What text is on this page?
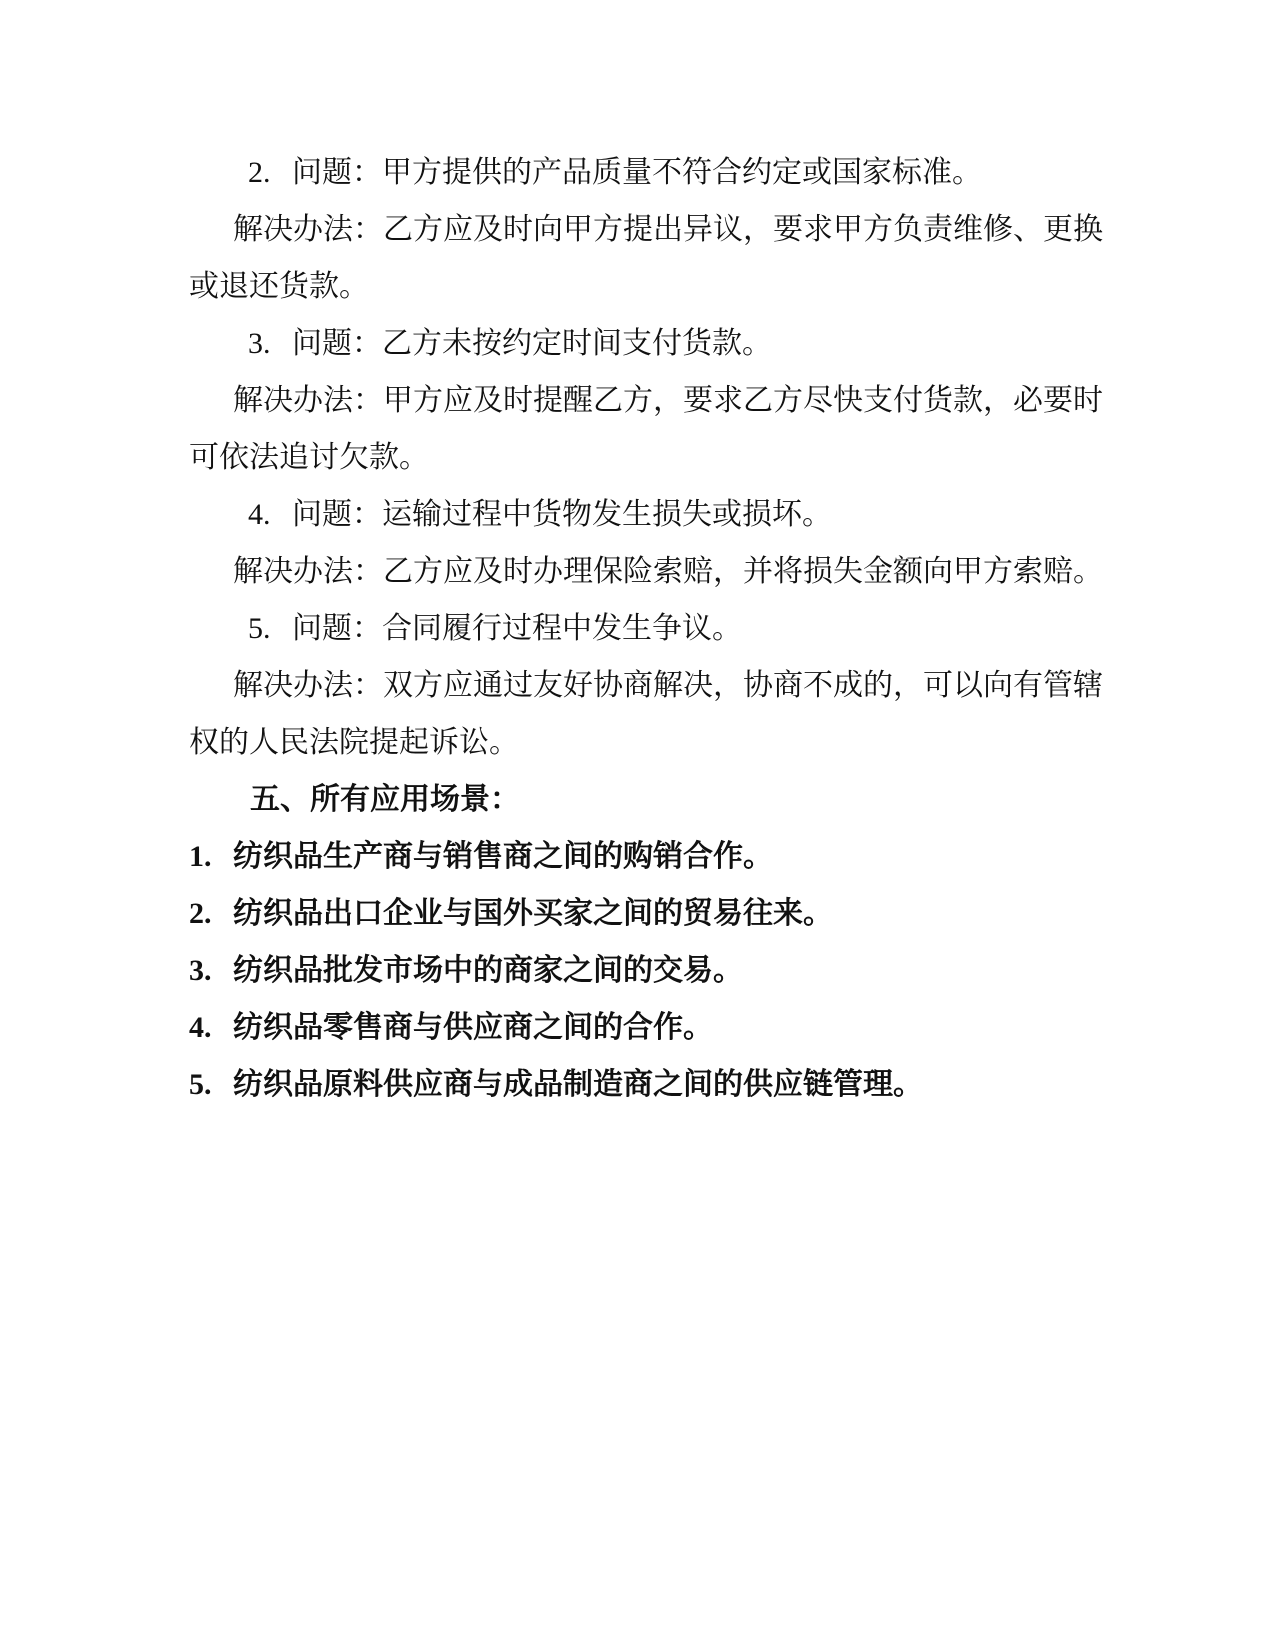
2. 问题：甲方提供的产品质量不符合约定或国家标准。
解决办法：乙方应及时向甲方提出异议，要求甲方负责维修、更换
或退还货款。
3. 问题：乙方未按约定时间支付货款。
解决办法：甲方应及时提醒乙方，要求乙方尽快支付货款，必要时
可依法追讨欠款。
4. 问题：运输过程中货物发生损失或损坏。
解决办法：乙方应及时办理保险索赔，并将损失金额向甲方索赔。
5. 问题：合同履行过程中发生争议。
解决办法：双方应通过友好协商解决，协商不成的，可以向有管辖
权的人民法院提起诉讼。
五、所有应用场景：
1. 纺织品生产商与销售商之间的购销合作。
2. 纺织品出口企业与国外买家之间的贸易往来。
3. 纺织品批发市场中的商家之间的交易。
4. 纺织品零售商与供应商之间的合作。
5. 纺织品原料供应商与成品制造商之间的供应链管理。
